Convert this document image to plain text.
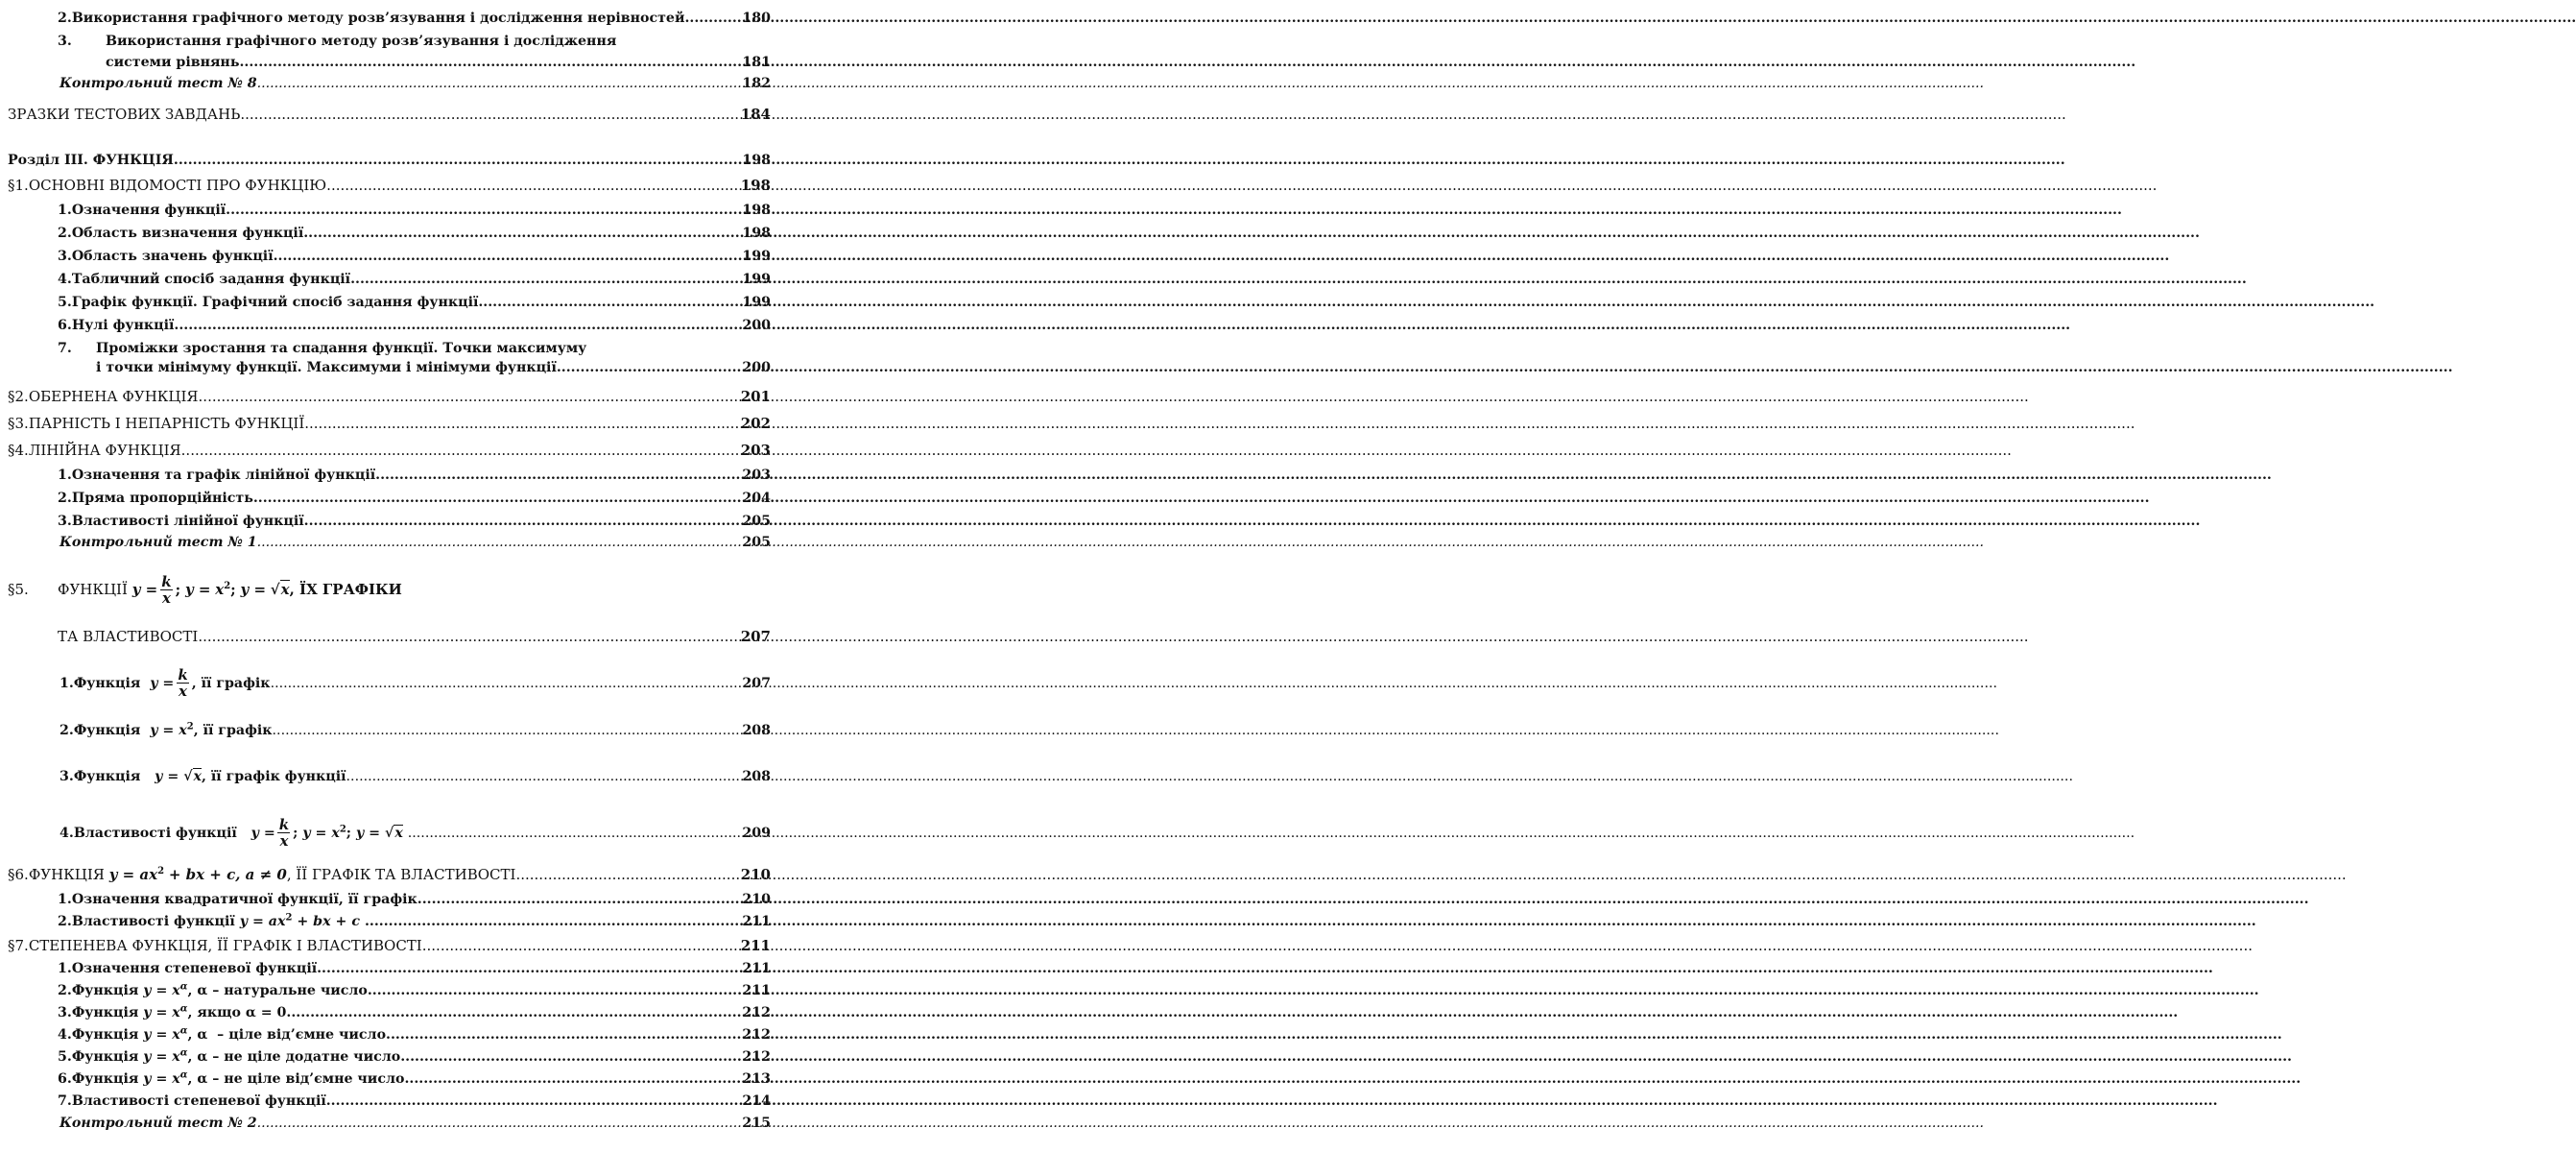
2. Використання графічного методу розв’язування і дослідження нерівностей .....	180
3. Використання графічного методу розв’язування і дослідження
системи рівнянь. .....	181
Контрольний тест № 8 .....	182
ЗРАЗКИ ТЕСТОВИХ ЗАВДАНЬ .....	184
Розділ III. ФУНКЦІЯ .....	198
§1. ОСНОВНІ ВІДОМОСТІ ПРО ФУНКЦІЮ. .....	198
1. Означення функції. .....	198
2. Область визначення функції. .....	198
3. Область значень функції. .....	199
4. Табличний спосіб задання функції. .....	199
5. Графік функції. Графічний спосіб задання функції. .....	199
6. Нулі функції. .....	200
7. Проміжки зростання та спадання функції. Точки максимуму
і точки мінімуму функції. Максимуми і мінімуми функції. .....	200
§2. ОБЕРНЕНА ФУНКЦІЯ. .....	201
§3. ПАРНІСТЬ І НЕПАРНІСТЬ ФУНКЦІЇ. .....	202
§4. ЛІНІЙНА ФУНКЦІЯ. .....	203
1. Означення та графік лінійної функції. .....	203
2. Пряма пропорційність. .....	204
3. Властивості лінійної функції. .....	205
Контрольний тест № 1 .....	205
§5. ФУНКЦІЇ $y = \frac{k}{x}$ ; $y = x^2$; y = √x, ЇХ ГРАФІКИ
ТА ВЛАСТИВОСТІ. .....	207
1. Функція $y = \frac{k}{x}$ , її графік .....	207
2. Функція $y = x^2$, її графік .....	208
3. Функція y = √x, її графік функції .....	208
4. Властивості функції $y = \frac{k}{x}$ ; $y = x^2$; y = √x .....	209
§6. ФУНКЦІЯ $y = ax^2$ + bx + c, a ≠ 0, ЇЇ ГРАФІК ТА ВЛАСТИВОСТІ. .....	210
1. Означення квадратичної функції, її графік .....	210
2. Властивості функції $y = ax^2$ + bx + c .....	211
§7. СТЕПЕНЕВА ФУНКЦІЯ, ЇЇ ГРАФІК І ВЛАСТИВОСТІ. .....	211
1. Означення степеневої функції. .....	211
2. Функція $y = x^\alpha$, α – натуральне число .....	211
3. Функція $y = x^\alpha$, якщо α = 0 .....	212
4. Функція $y = x^\alpha$, α – ціле від’ємне число. .....	212
5. Функція $y = x^\alpha$, α – не ціле додатне число .....	212
6. Функція $y = x^\alpha$, α – не ціле від’ємне число. .....	213
7. Властивості степеневої функції .....	214
Контрольний тест № 2 .....	215
